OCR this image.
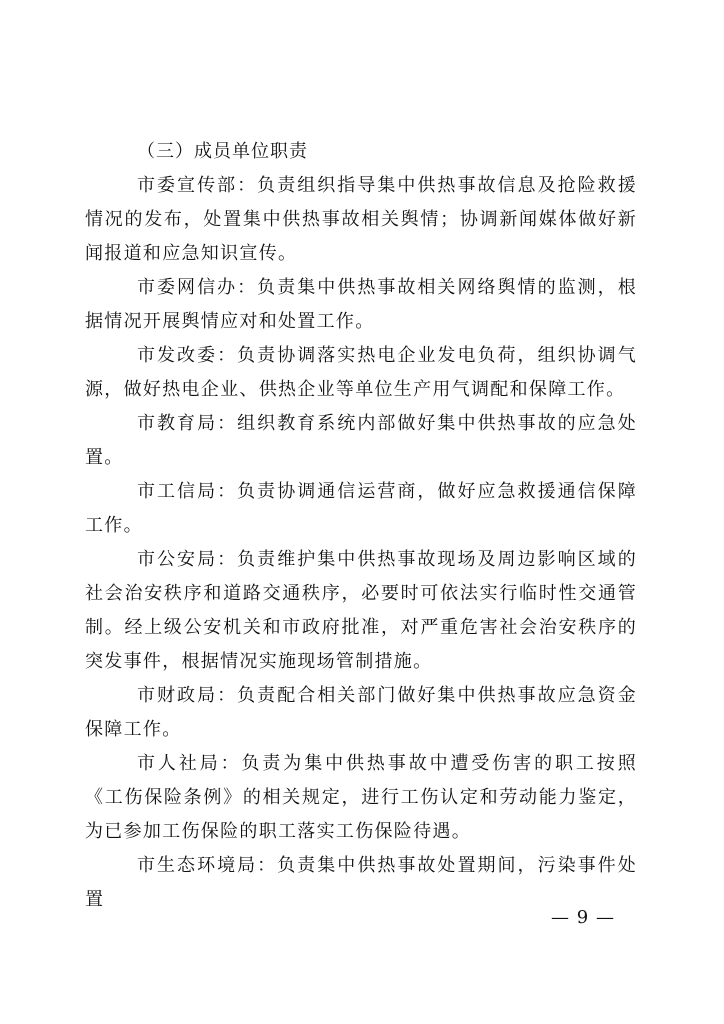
（三）成员单位职责

市委宣传部：负责组织指导集中供热事故信息及抢险救援情况的发布，处置集中供热事故相关舆情；协调新闻媒体做好新闻报道和应急知识宣传。

市委网信办：负责集中供热事故相关网络舆情的监测，根据情况开展舆情应对和处置工作。

市发改委：负责协调落实热电企业发电负荷，组织协调气源，做好热电企业、供热企业等单位生产用气调配和保障工作。

市教育局：组织教育系统内部做好集中供热事故的应急处置。

市工信局：负责协调通信运营商，做好应急救援通信保障工作。

市公安局：负责维护集中供热事故现场及周边影响区域的社会治安秩序和道路交通秩序，必要时可依法实行临时性交通管制。经上级公安机关和市政府批准，对严重危害社会治安秩序的突发事件，根据情况实施现场管制措施。

市财政局：负责配合相关部门做好集中供热事故应急资金保障工作。

市人社局：负责为集中供热事故中遭受伤害的职工按照《工伤保险条例》的相关规定，进行工伤认定和劳动能力鉴定，为已参加工伤保险的职工落实工伤保险待遇。

市生态环境局：负责集中供热事故处置期间，污染事件处置

— 9 —
